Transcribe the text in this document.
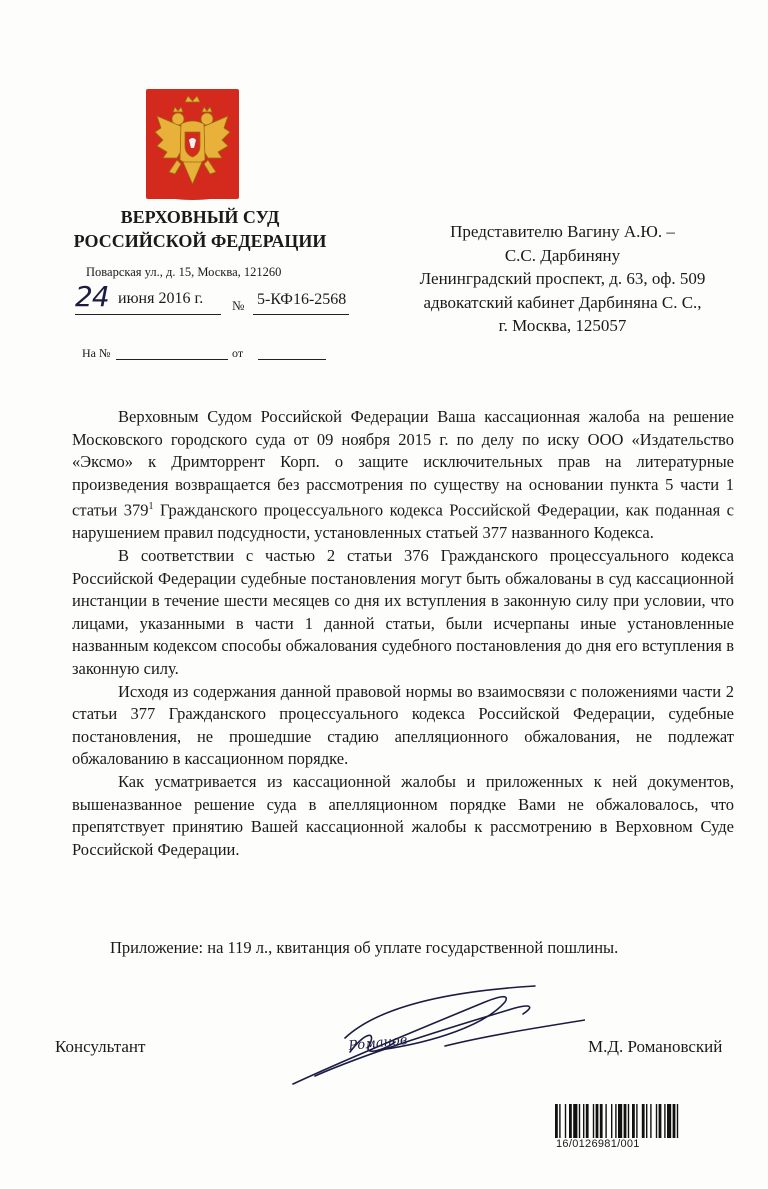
ВЕРХОВНЫЙ СУД
РОССИЙСКОЙ ФЕДЕРАЦИИ
Поварская ул., д. 15, Москва, 121260
24 июня 2016 г. № 5-КФ16-2568
На №	от
Представителю Вагину А.Ю. –
С.С. Дарбиняну
Ленинградский проспект, д. 63, оф. 509
адвокатский кабинет Дарбиняна С. С.,
г. Москва, 125057

Верховным Судом Российской Федерации Ваша кассационная жалоба на решение Московского городского суда от 09 ноября 2015 г. по делу по иску ООО «Издательство «Эксмо» к Дримторрент Корп. о защите исключительных прав на литературные произведения возвращается без рассмотрения по существу на основании пункта 5 части 1 статьи $379^1$ Гражданского процессуального кодекса Российской Федерации, как поданная с нарушением правил подсудности, установленных статьей 377 названного Кодекса.

В соответствии с частью 2 статьи 376 Гражданского процессуального кодекса Российской Федерации судебные постановления могут быть обжалованы в суд кассационной инстанции в течение шести месяцев со дня их вступления в законную силу при условии, что лицами, указанными в части 1 данной статьи, были исчерпаны иные установленные названным кодексом способы обжалования судебного постановления до дня его вступления в законную силу.

Исходя из содержания данной правовой нормы во взаимосвязи с положениями части 2 статьи 377 Гражданского процессуального кодекса Российской Федерации, судебные постановления, не прошедшие стадию апелляционного обжалования, не подлежат обжалованию в кассационном порядке.

Как усматривается из кассационной жалобы и приложенных к ней документов, вышеназванное решение суда в апелляционном порядке Вами не обжаловалось, что препятствует принятию Вашей кассационной жалобы к рассмотрению в Верховном Суде Российской Федерации.

Приложение: на 119 л., квитанция об уплате государственной пошлины.
Консультант	Романов	М.Д. Романовский
16/0126981/001
